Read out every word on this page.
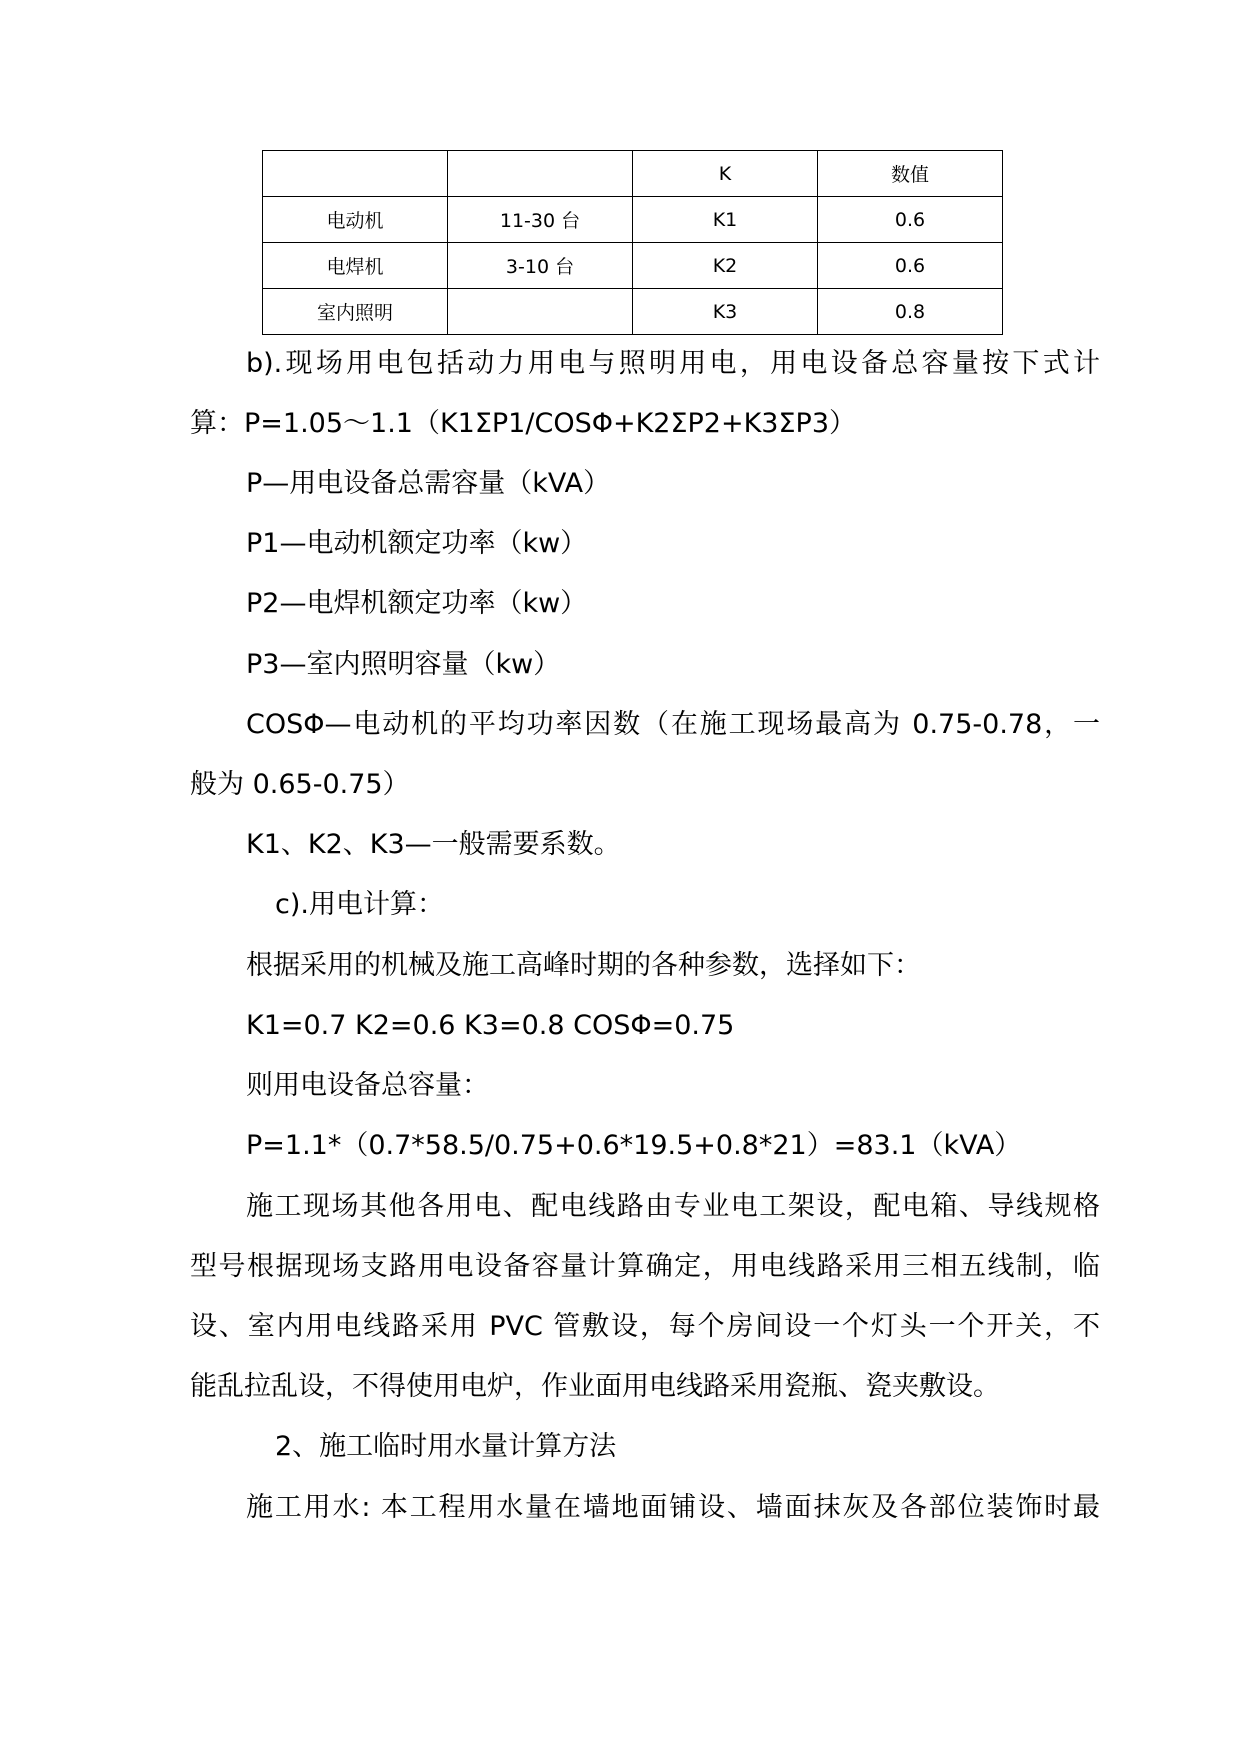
		K	数值
电动机	11-30 台	K1	0.6
电焊机	3-10 台	K2	0.6
室内照明		K3	0.8
b).现场用电包括动力用电与照明用电，用电设备总容量按下式计
算：P=1.05～1.1（K1ΣP1/COSΦ+K2ΣP2+K3ΣP3）
P—用电设备总需容量（kVA）
P1—电动机额定功率（kw）
P2—电焊机额定功率（kw）
P3—室内照明容量（kw）
COSΦ—电动机的平均功率因数（在施工现场最高为 0.75-0.78，一
般为 0.65-0.75）
K1、K2、K3—一般需要系数。
c).用电计算：
根据采用的机械及施工高峰时期的各种参数，选择如下：
K1=0.7 K2=0.6 K3=0.8 COSΦ=0.75
则用电设备总容量：
P=1.1*（0.7*58.5/0.75+0.6*19.5+0.8*21）=83.1（kVA）
施工现场其他各用电、配电线路由专业电工架设，配电箱、导线规格
型号根据现场支路用电设备容量计算确定，用电线路采用三相五线制，临
设、室内用电线路采用 PVC 管敷设，每个房间设一个灯头一个开关，不
能乱拉乱设，不得使用电炉，作业面用电线路采用瓷瓶、瓷夹敷设。
2、施工临时用水量计算方法
施工用水: 本工程用水量在墙地面铺设、墙面抹灰及各部位装饰时最
